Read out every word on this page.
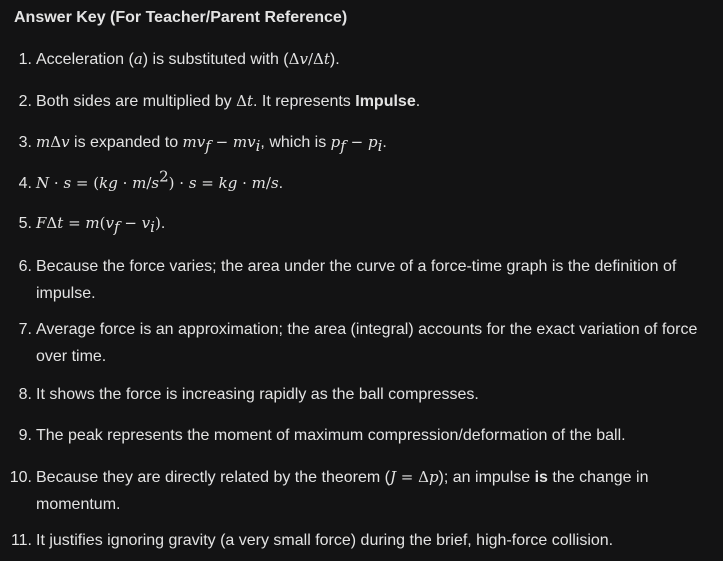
Answer Key (For Teacher/Parent Reference)
1. Acceleration (a) is substituted with (Δv/Δt).
2. Both sides are multiplied by Δt. It represents Impulse.
3. mΔv is expanded to $mv_f - mv_i$, which is $p_f - p_i$.
4. $N \cdot s = (kg \cdot m/s^2) \cdot s$ = kg · m/s.
5. $F\Delta t = m(v_f - v_i)$.
6. Because the force varies; the area under the curve of a force-time graph is the definition of impulse.
7. Average force is an approximation; the area (integral) accounts for the exact variation of force over time.
8. It shows the force is increasing rapidly as the ball compresses.
9. The peak represents the moment of maximum compression/deformation of the ball.
10. Because they are directly related by the theorem (J = Δp); an impulse is the change in momentum.
11. It justifies ignoring gravity (a very small force) during the brief, high-force collision.
